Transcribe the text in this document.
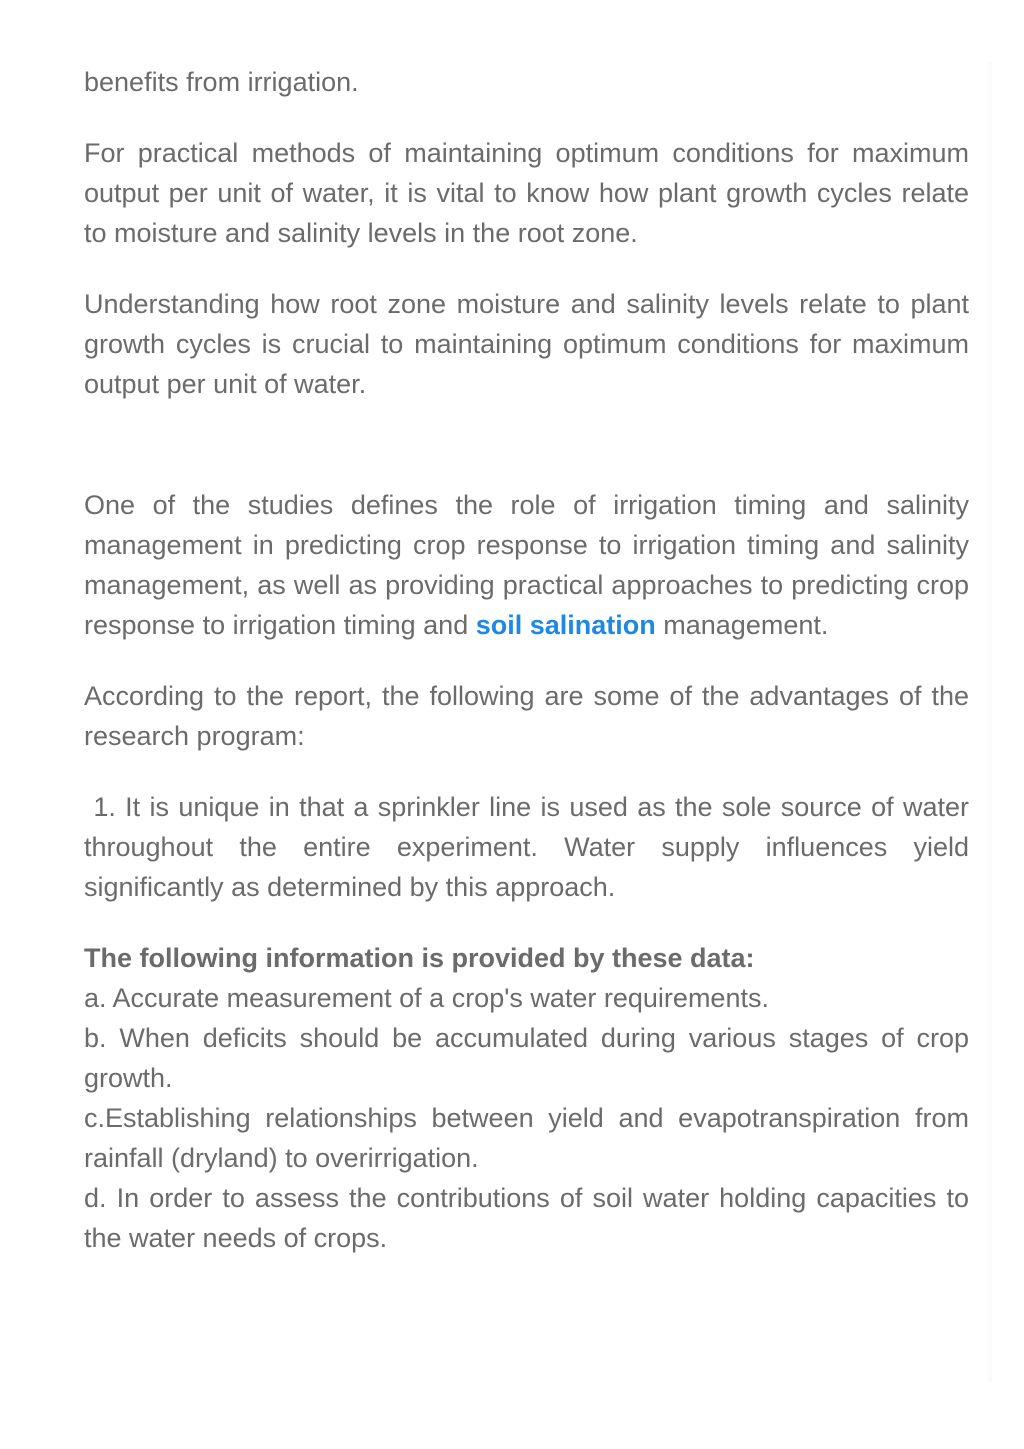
benefits from irrigation.

For practical methods of maintaining optimum conditions for maximum output per unit of water, it is vital to know how plant growth cycles relate to moisture and salinity levels in the root zone.

Understanding how root zone moisture and salinity levels relate to plant growth cycles is crucial to maintaining optimum conditions for maximum output per unit of water.

One of the studies defines the role of irrigation timing and salinity management in predicting crop response to irrigation timing and salinity management, as well as providing practical approaches to predicting crop response to irrigation timing and soil salination management.

According to the report, the following are some of the advantages of the research program:

1. It is unique in that a sprinkler line is used as the sole source of water throughout the entire experiment. Water supply influences yield significantly as determined by this approach.

The following information is provided by these data:
a. Accurate measurement of a crop's water requirements.
b. When deficits should be accumulated during various stages of crop growth.
c.Establishing relationships between yield and evapotranspiration from rainfall (dryland) to overirrigation.
d. In order to assess the contributions of soil water holding capacities to the water needs of crops.
